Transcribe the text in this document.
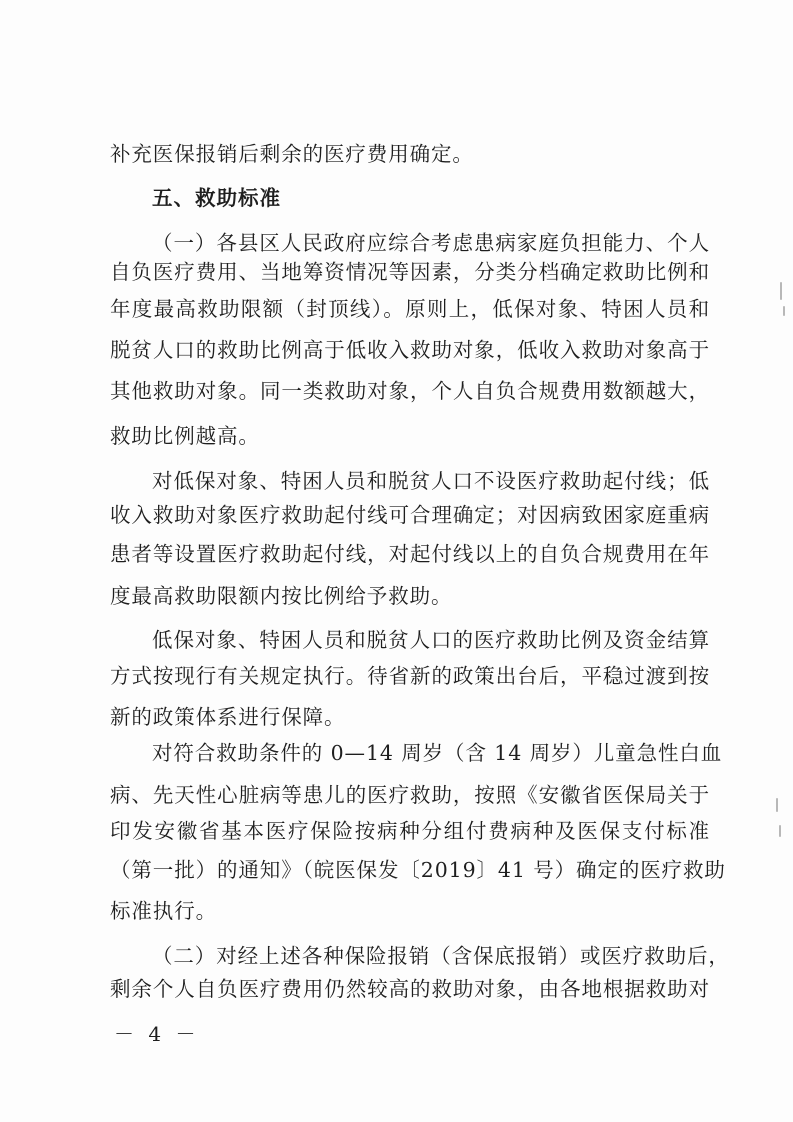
补充医保报销后剩余的医疗费用确定。
五、救助标准
（一）各县区人民政府应综合考虑患病家庭负担能力、个人
自负医疗费用、当地筹资情况等因素，分类分档确定救助比例和
年度最高救助限额（封顶线）。原则上，低保对象、特困人员和
脱贫人口的救助比例高于低收入救助对象，低收入救助对象高于
其他救助对象。同一类救助对象，个人自负合规费用数额越大，
救助比例越高。
对低保对象、特困人员和脱贫人口不设医疗救助起付线；低
收入救助对象医疗救助起付线可合理确定；对因病致困家庭重病
患者等设置医疗救助起付线，对起付线以上的自负合规费用在年
度最高救助限额内按比例给予救助。
低保对象、特困人员和脱贫人口的医疗救助比例及资金结算
方式按现行有关规定执行。待省新的政策出台后，平稳过渡到按
新的政策体系进行保障。
对符合救助条件的 0—14 周岁（含 14 周岁）儿童急性白血
病、先天性心脏病等患儿的医疗救助，按照《安徽省医保局关于
印发安徽省基本医疗保险按病种分组付费病种及医保支付标准
（第一批）的通知》（皖医保发〔2019〕41 号）确定的医疗救助
标准执行。
（二）对经上述各种保险报销（含保底报销）或医疗救助后，
剩余个人自负医疗费用仍然较高的救助对象，由各地根据救助对
－ 4 －
